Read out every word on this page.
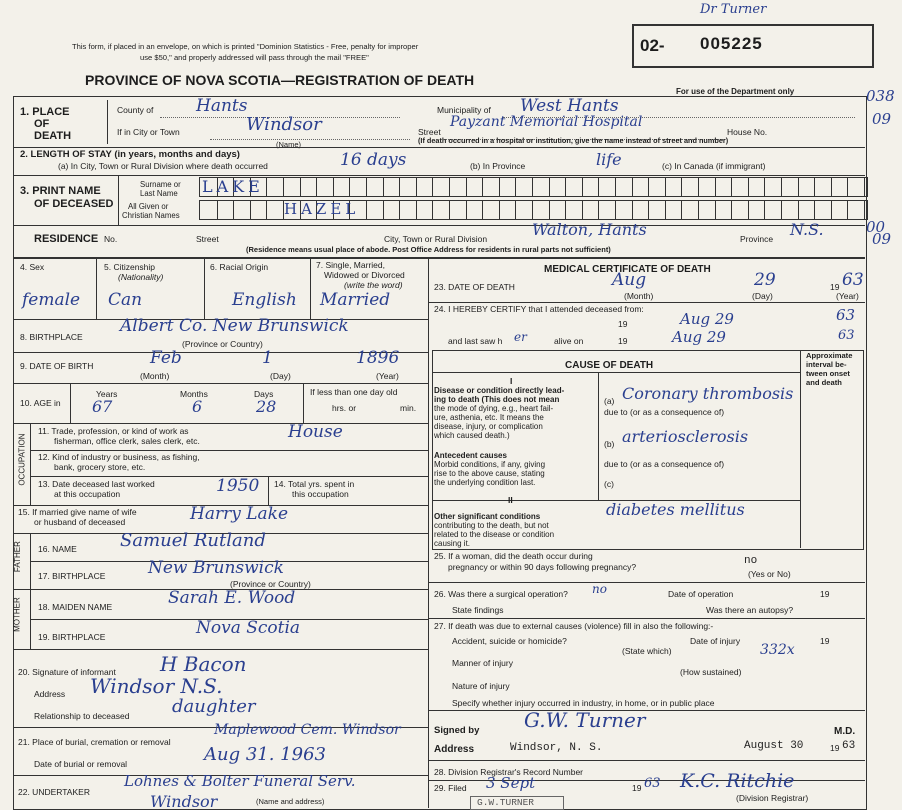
Dr Turner
This form, if placed in an envelope, on which is printed "Dominion Statistics - Free, penalty for improper
use $50," and properly addressed will pass through the mail "FREE"
PROVINCE OF NOVA SCOTIA—REGISTRATION OF DEATH
02- 005225
For use of the Department only	038
09
00
09
1. PLACE
OF
DEATH
County of	Hants	Municipality of West Hants
If in City or Town	Windsor
(Name)
Street
Payzant Memorial Hospital
House No.
(If death occurred in a hospital or institution, give the name instead of street and number)
2. LENGTH OF STAY (in years, months and days)
(a) In City, Town or Rural Division where death occurred	16 days	(b) In Province	life	(c) In Canada (if immigrant)
3. PRINT NAME
OF DECEASED
Surname or
Last Name
All Given or
Christian Names
LAKE
HAZEL
RESIDENCE No.	Street	City, Town or Rural Division	Walton, Hants	Province N.S.
(Residence means usual place of abode. Post Office Address for residents in rural parts not sufficient)
4. Sex
female
5. Citizenship
(Nationality)
Can
6. Racial Origin
English
7. Single, Married,
Widowed or Divorced
(write the word)
Married
8. BIRTHPLACE
Albert Co. New Brunswick
(Province or Country)
9. DATE OF BIRTH	Feb	1	1896
(Month)	(Day)	(Year)
10. AGE in
Years
67
Months
6
Days
28
If less than one day old
hrs. or	min.
OCCUPATION
11. Trade, profession, or kind of work as
fisherman, office clerk, sales clerk, etc.	House
12. Kind of industry or business, as fishing,
bank, grocery store, etc.
13. Date deceased last worked
at this occupation	1950 14. Total yrs. spent in
this occupation
15. If married give name of wife
or husband of deceased	Harry Lake
FATHER 16. NAME Samuel Rutland
17. BIRTHPLACE	New Brunswick
(Province or Country)
MOTHER 18. MAIDEN NAME	Sarah E. Wood
19. BIRTHPLACE	Nova Scotia
20. Signature of informant H Bacon
Address Windsor N.S.
Relationship to deceased daughter
21. Place of burial, cremation or removal
Maplewood Cem. Windsor
Date of burial or removal	Aug 31. 1963
22. UNDERTAKER
Lohnes & Bolter Funeral Serv.
Windsor	(Name and address)
MEDICAL CERTIFICATE OF DEATH
23. DATE OF DEATH	Aug	29	19 63
(Month)	(Day)	(Year)
24. I HEREBY CERTIFY that I attended deceased from:
19	Aug 29	63
and last saw h er	alive on	19	Aug 29	63
CAUSE OF DEATH
Approximate
interval be-
tween onset
and death
I
Disease or condition directly lead-
ing to death (This does not mean
the mode of dying, e.g., heart fail-
ure, asthenia, etc. It means the
disease, injury, or complication
which caused death.)
(a) Coronary thrombosis
due to (or as a consequence of)
Antecedent causes
Morbid conditions, if any, giving
rise to the above cause, stating
the underlying condition last.
(b) arteriosclerosis
due to (or as a consequence of)
(c)
II
Other significant conditions
contributing to the death, but not
related to the disease or condition
causing it.
diabetes mellitus
25. If a woman, did the death occur during
pregnancy or within 90 days following pregnancy?	no
(Yes or No)
26. Was there a surgical operation? no	Date of operation	19
State findings	Was there an autopsy?
27. If death was due to external causes (violence) fill in also the following:-
Accident, suicide or homicide?	Date of injury	19
(State which)	332x
Manner of injury
(How sustained)
Nature of injury
Specify whether injury occurred in industry, in home, or in public place
Signed by G.W. Turner	M.D.
Address	Windsor, N. S.	August 30	19 63
28. Division Registrar's Record Number
29. Filed 3 Sept	19 63 K.C. Ritchie
(Division Registrar)
G.W.TURNER
